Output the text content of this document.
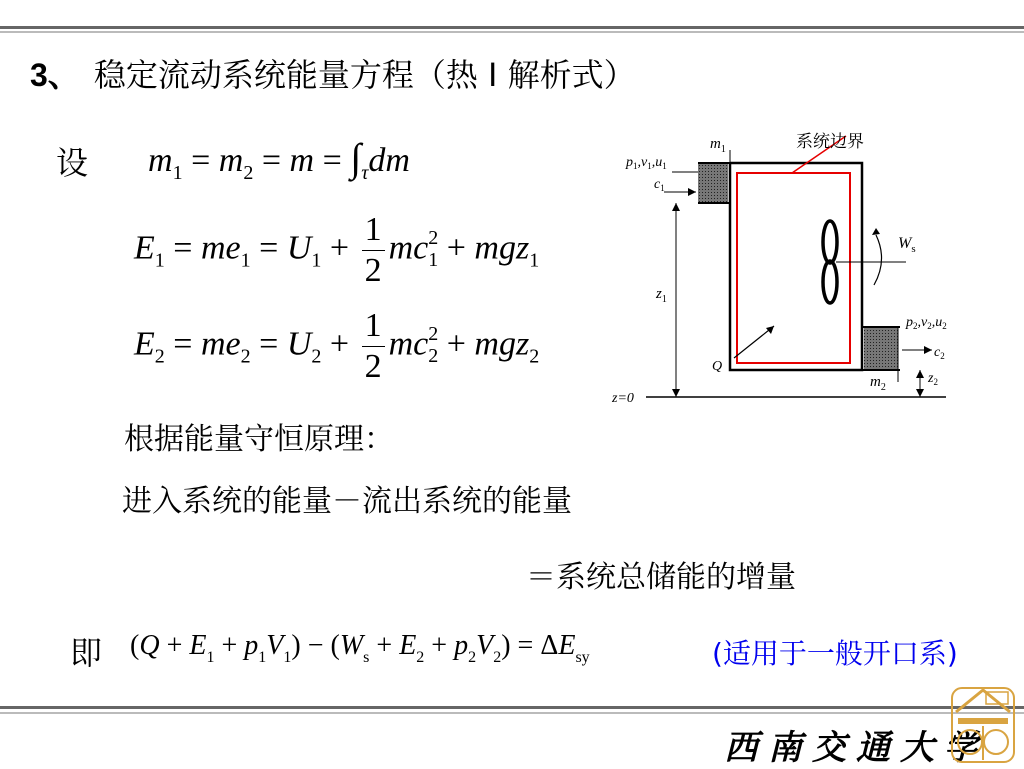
3、 稳定流动系统能量方程（热 I 解析式）
设 $m_1 = m_2 = m = \int_\tau dm$
$E_1 = me_1 = U_1 + \frac{1}{2}$ mc $_{2 1}$ + mgz$_1$
$E_2 = me_2 = U_2 + \frac{1}{2}$ mc $_{2 2}$ + mgz$_2$
根据能量守恒原理：
进入系统的能量－流出系统的能量
＝系统总储能的增量
即 $(Q + E_1 + p_1V_1) - (W_s + E_2 + p_2V_2) = \Delta E_{sy}$	(适用于一般开口系)
系统边界
$W_s$
Q
$m_1$
$p_1,v_1,u_1$
$c_1$
$z_1$
$p_2,v_2,u_2$
$c_2$
$z_2$
$m_2$
z=0
西南交通大学
